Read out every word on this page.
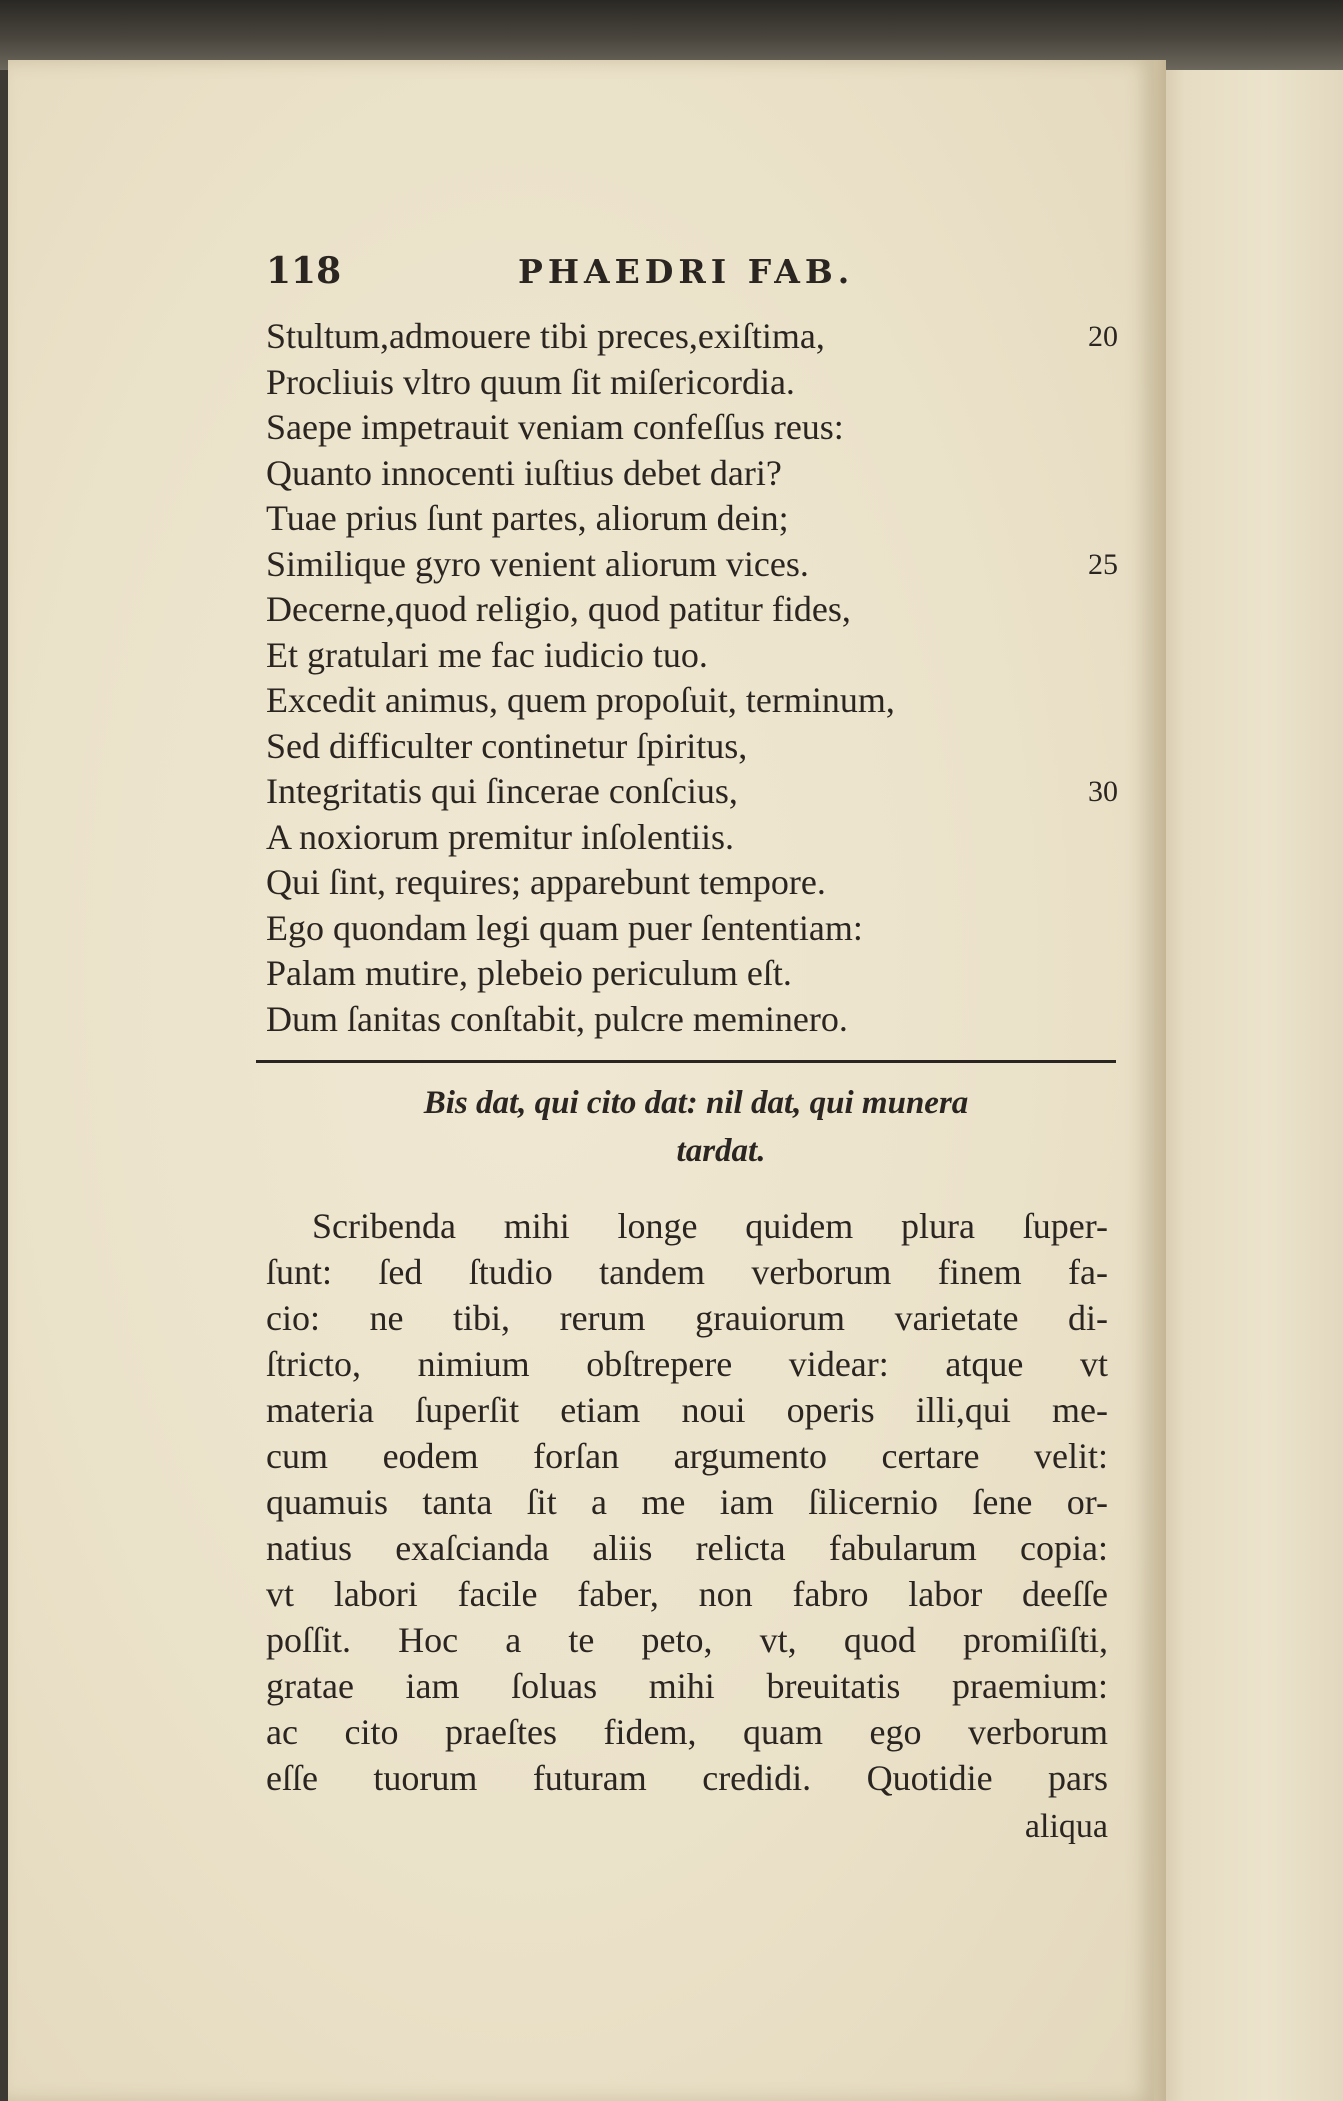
118	PHAEDRI FAB.
Stultum,admouere tibi preces,exiſtima,	20
Procliuis vltro quum ſit miſericordia.
Saepe impetrauit veniam confeſſus reus:
Quanto innocenti iuſtius debet dari?
Tuae prius ſunt partes, aliorum dein;
Similique gyro venient aliorum vices.	25
Decerne,quod religio, quod patitur fides,
Et gratulari me fac iudicio tuo.
Excedit animus, quem propoſuit, terminum,
Sed difficulter continetur ſpiritus,
Integritatis qui ſincerae conſcius,	30
A noxiorum premitur inſolentiis.
Qui ſint, requires; apparebunt tempore.
Ego quondam legi quam puer ſententiam:
Palam mutire, plebeio periculum eſt.
Dum ſanitas conſtabit, pulcre meminero.
Bis dat, qui cito dat: nil dat, qui munera
tardat.
Scribenda mihi longe quidem plura ſuper-
ſunt: ſed ſtudio tandem verborum finem fa-
cio: ne tibi, rerum grauiorum varietate di-
ſtricto, nimium obſtrepere videar: atque vt
materia ſuperſit etiam noui operis illi,qui me-
cum eodem forſan argumento certare velit:
quamuis tanta ſit a me iam ſilicernio ſene or-
natius exaſcianda aliis relicta fabularum copia:
vt labori facile faber, non fabro labor deeſſe
poſſit. Hoc a te peto, vt, quod promiſiſti,
gratae iam ſoluas mihi breuitatis praemium:
ac cito praeſtes fidem, quam ego verborum
eſſe tuorum futuram credidi. Quotidie pars
aliqua
